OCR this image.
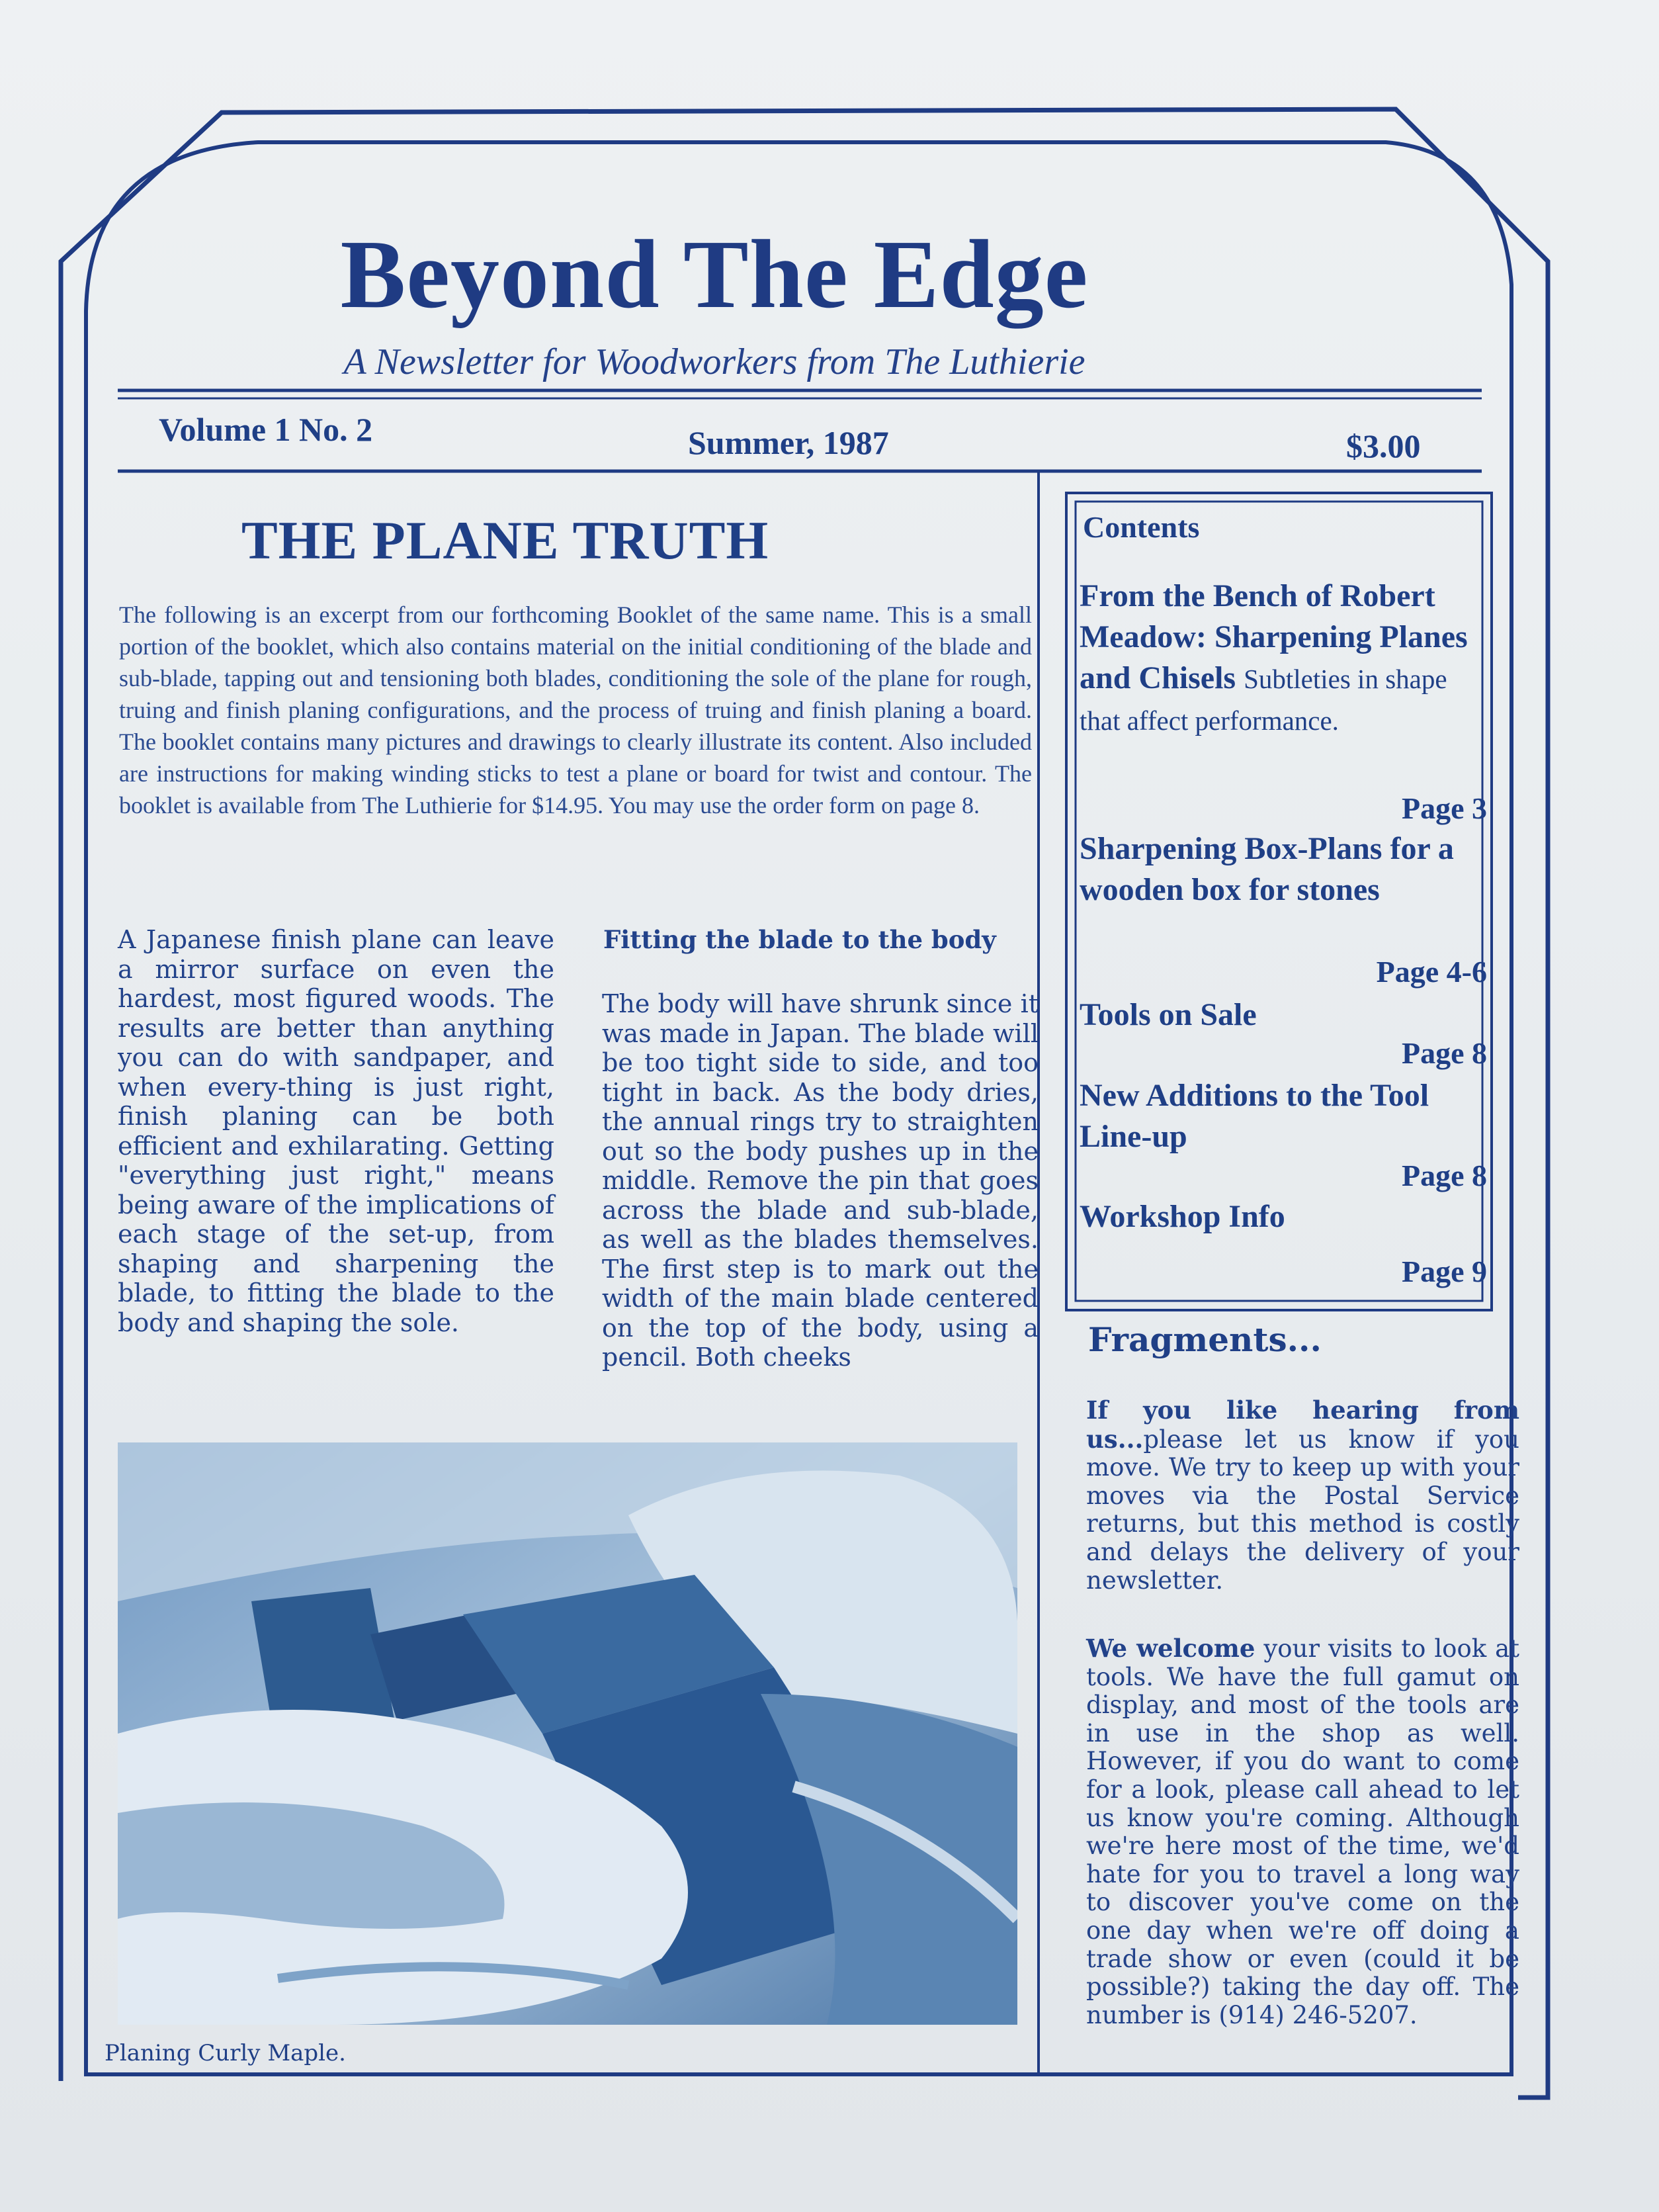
Beyond The Edge
A Newsletter for Woodworkers from The Luthierie
Volume 1 No. 2	Summer, 1987	$3.00
THE PLANE TRUTH
The following is an excerpt from our forthcoming Booklet of the same name. This is a small portion of the booklet, which also contains material on the initial conditioning of the blade and sub-blade, tapping out and tensioning both blades, conditioning the sole of the plane for rough, truing and finish planing configurations, and the process of truing and finish planing a board. The booklet contains many pictures and drawings to clearly illustrate its content. Also included are instructions for making winding sticks to test a plane or board for twist and contour. The booklet is available from The Luthierie for $14.95. You may use the order form on page 8.
A Japanese finish plane can leave a mirror surface on even the hardest, most figured woods. The results are better than anything you can do with sandpaper, and when every-thing is just right, finish planing can be both efficient and exhilarating. Getting "everything just right," means being aware of the implications of each stage of the set-up, from shaping and sharpening the blade, to fitting the blade to the body and shaping the sole.
Fitting the blade to the body
The body will have shrunk since it was made in Japan. The blade will be too tight side to side, and too tight in back. As the body dries, the annual rings try to straighten out so the body pushes up in the middle. Remove the pin that goes across the blade and sub-blade, as well as the blades themselves. The first step is to mark out the width of the main blade centered on the top of the body, using a pencil. Both cheeks
Planing Curly Maple.
Contents
From the Bench of Robert Meadow: Sharpening Planes and Chisels Subtleties in shape that affect performance.
Page 3
Sharpening Box-Plans for a wooden box for stones
Page 4-6
Tools on Sale
Page 8
New Additions to the Tool Line-up
Page 8
Workshop Info
Page 9
Fragments...
If you like hearing from us...please let us know if you move. We try to keep up with your moves via the Postal Service returns, but this method is costly and delays the delivery of your newsletter.
We welcome your visits to look at tools. We have the full gamut on display, and most of the tools are in use in the shop as well. However, if you do want to come for a look, please call ahead to let us know you're coming. Although we're here most of the time, we'd hate for you to travel a long way to discover you've come on the one day when we're off doing a trade show or even (could it be possible?) taking the day off. The number is (914) 246-5207.
